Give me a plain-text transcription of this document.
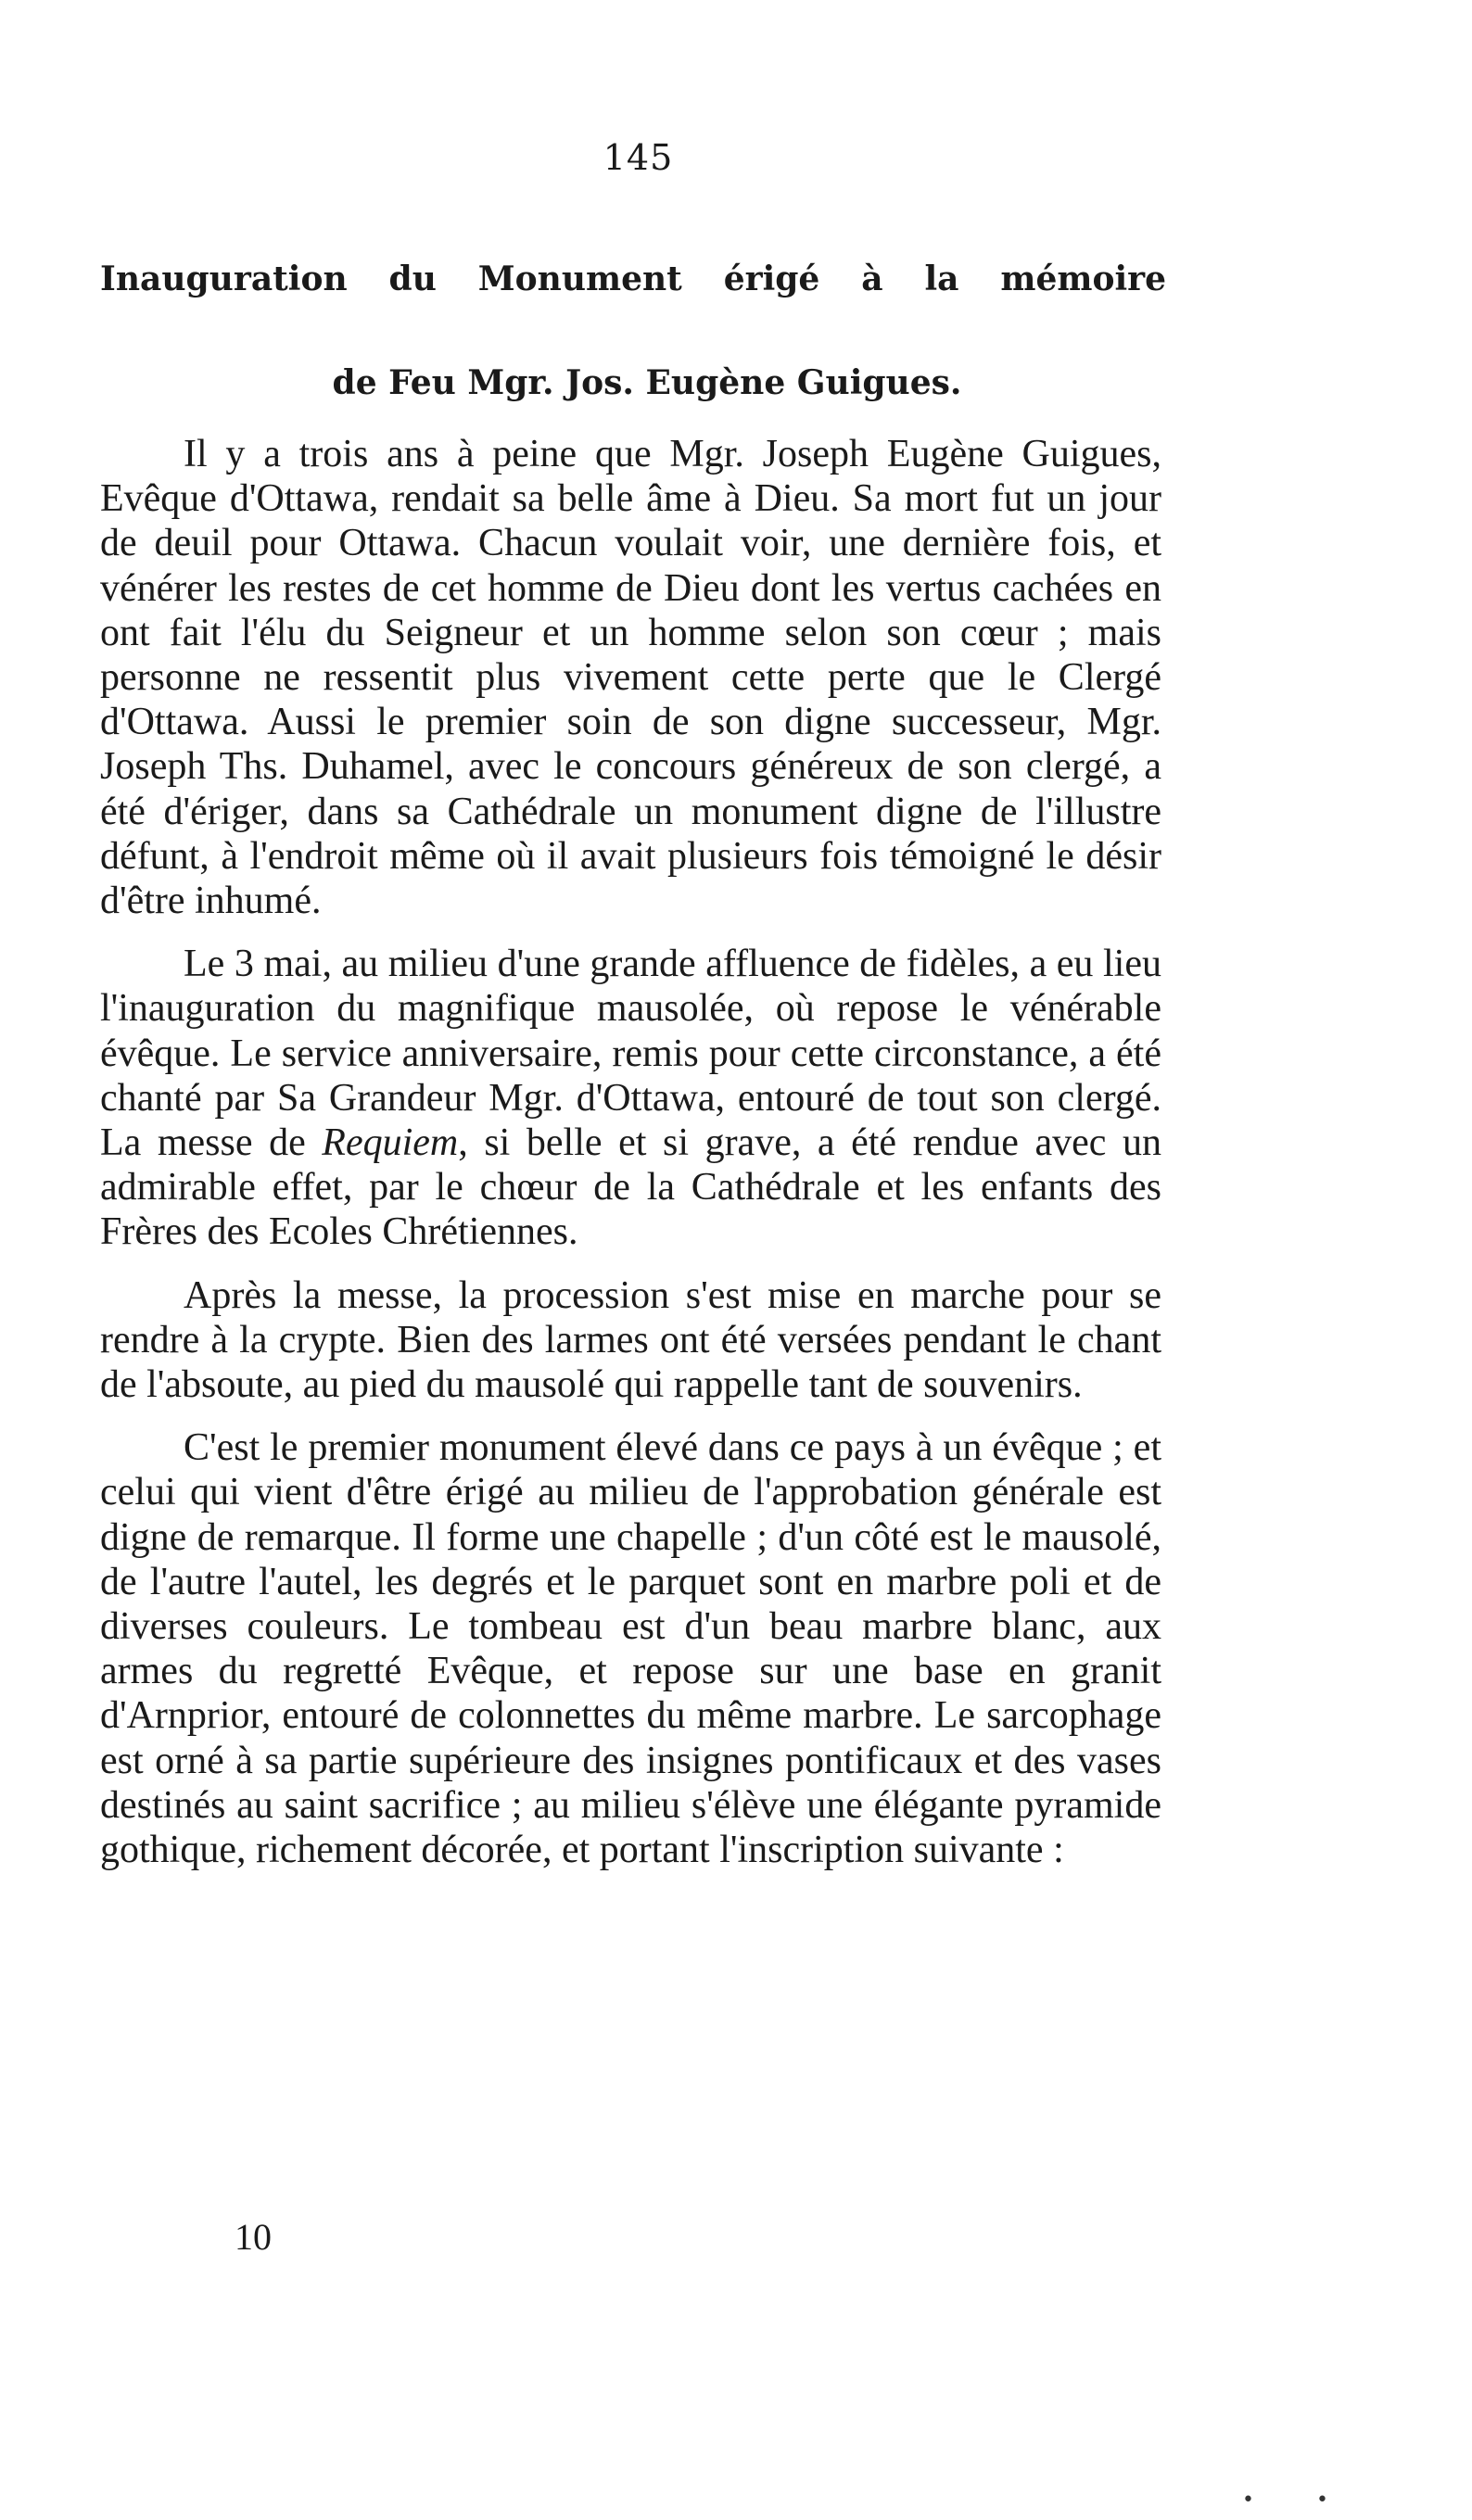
145
Inauguration du Monument érigé à la mémoire
de Feu Mgr. Jos. Eugène Guigues.

Il y a trois ans à peine que Mgr. Joseph Eugène Guigues, Evêque d'Ottawa, rendait sa belle âme à Dieu. Sa mort fut un jour de deuil pour Ottawa. Chacun voulait voir, une dernière fois, et vénérer les restes de cet homme de Dieu dont les vertus cachées en ont fait l'élu du Seigneur et un homme selon son cœur ; mais personne ne ressentit plus vivement cette perte que le Clergé d'Ottawa. Aussi le premier soin de son digne successeur, Mgr. Joseph Ths. Duhamel, avec le concours généreux de son clergé, a été d'ériger, dans sa Cathédrale un monument digne de l'illustre défunt, à l'endroit même où il avait plusieurs fois témoigné le désir d'être inhumé.

Le 3 mai, au milieu d'une grande affluence de fidèles, a eu lieu l'inauguration du magnifique mausolée, où repose le vénérable évêque. Le service anniversaire, remis pour cette circonstance, a été chanté par Sa Grandeur Mgr. d'Ottawa, entouré de tout son clergé. La messe de Requiem, si belle et si grave, a été rendue avec un admirable effet, par le chœur de la Cathédrale et les enfants des Frères des Ecoles Chrétiennes.

Après la messe, la procession s'est mise en marche pour se rendre à la crypte. Bien des larmes ont été versées pendant le chant de l'absoute, au pied du mausolé qui rappelle tant de souvenirs.

C'est le premier monument élevé dans ce pays à un évêque ; et celui qui vient d'être érigé au milieu de l'approbation générale est digne de remarque. Il forme une chapelle ; d'un côté est le mausolé, de l'autre l'autel, les degrés et le parquet sont en marbre poli et de diverses couleurs. Le tombeau est d'un beau marbre blanc, aux armes du regretté Evêque, et repose sur une base en granit d'Arnprior, entouré de colonnettes du même marbre. Le sarcophage est orné à sa partie supérieure des insignes pontificaux et des vases destinés au saint sacrifice ; au milieu s'élève une élégante pyramide gothique, richement décorée, et portant l'inscription suivante :

10
• •
